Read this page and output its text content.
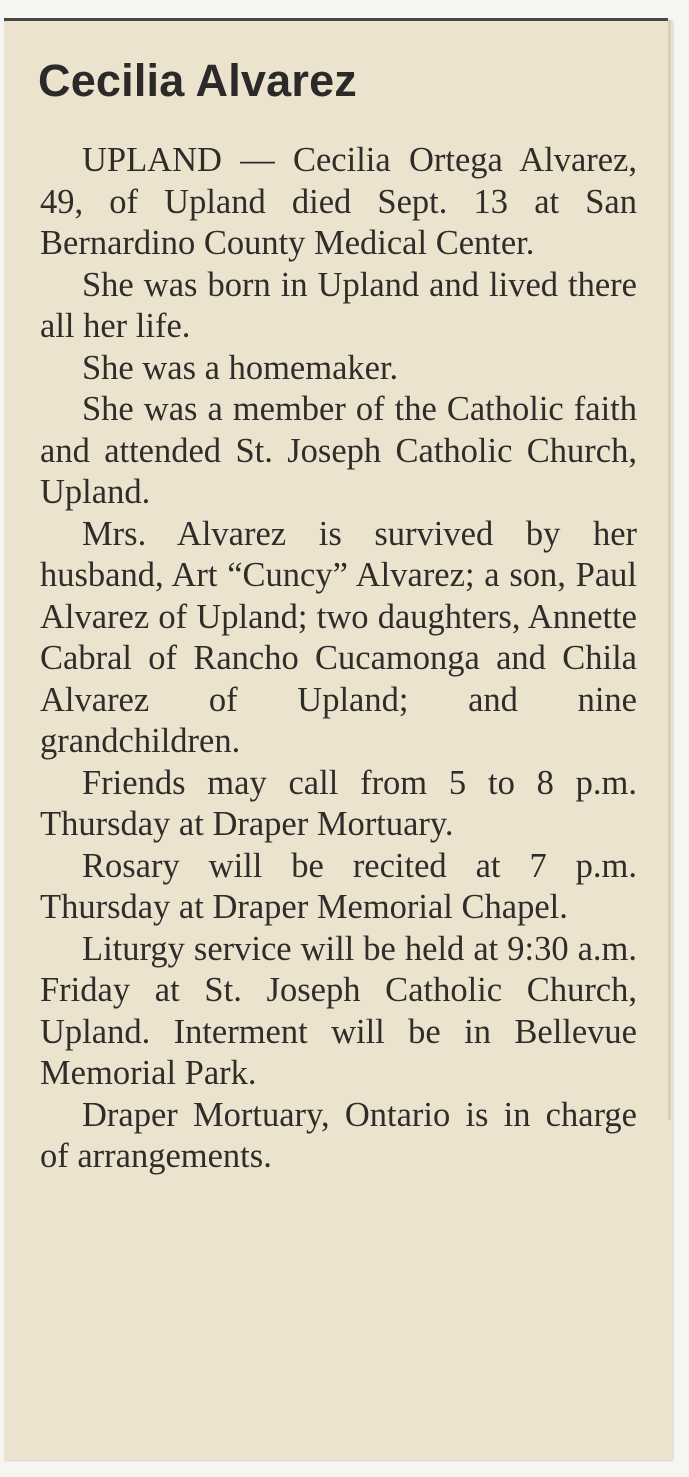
Cecilia Alvarez

UPLAND — Cecilia Ortega Alvarez, 49, of Upland died Sept. 13 at San Bernardino County Medical Center.

She was born in Upland and lived there all her life.

She was a homemaker.

She was a member of the Catholic faith and attended St. Joseph Catholic Church, Upland.

Mrs. Alvarez is survived by her husband, Art “Cuncy” Alvarez; a son, Paul Alvarez of Upland; two daughters, Annette Cabral of Rancho Cucamonga and Chila Alvarez of Upland; and nine grandchildren.

Friends may call from 5 to 8 p.m. Thursday at Draper Mortuary.

Rosary will be recited at 7 p.m. Thursday at Draper Memorial Chapel.

Liturgy service will be held at 9:30 a.m. Friday at St. Joseph Catholic Church, Upland. Interment will be in Bellevue Memorial Park.

Draper Mortuary, Ontario is in charge of arrangements.
